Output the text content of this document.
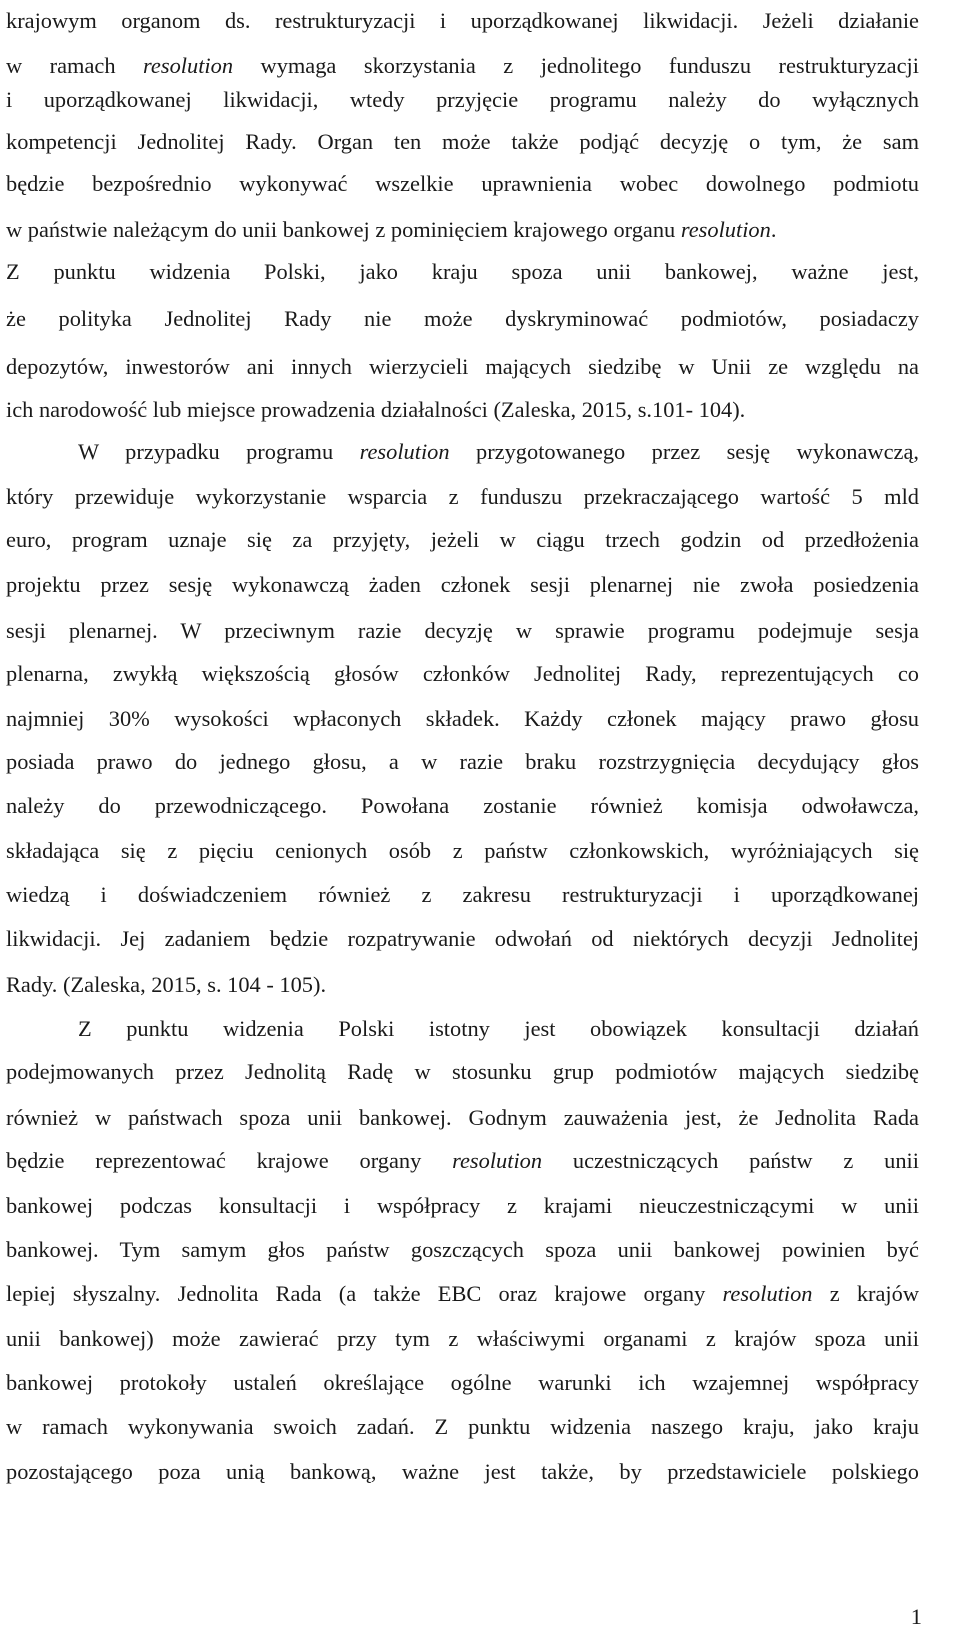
krajowym organom ds. restrukturyzacji i uporządkowanej likwidacji. Jeżeli działanie
w ramach resolution wymaga skorzystania z jednolitego funduszu restrukturyzacji
i uporządkowanej likwidacji, wtedy przyjęcie programu należy do wyłącznych
kompetencji Jednolitej Rady. Organ ten może także podjąć decyzję o tym, że sam
będzie bezpośrednio wykonywać wszelkie uprawnienia wobec dowolnego podmiotu
w państwie należącym do unii bankowej z pominięciem krajowego organu resolution.
Z punktu widzenia Polski, jako kraju spoza unii bankowej, ważne jest,
że polityka Jednolitej Rady nie może dyskryminować podmiotów, posiadaczy
depozytów, inwestorów ani innych wierzycieli mających siedzibę w Unii ze względu na
ich narodowość lub miejsce prowadzenia działalności (Zaleska, 2015, s.101- 104).
W przypadku programu resolution przygotowanego przez sesję wykonawczą,
który przewiduje wykorzystanie wsparcia z funduszu przekraczającego wartość 5 mld
euro, program uznaje się za przyjęty, jeżeli w ciągu trzech godzin od przedłożenia
projektu przez sesję wykonawczą żaden członek sesji plenarnej nie zwoła posiedzenia
sesji plenarnej. W przeciwnym razie decyzję w sprawie programu podejmuje sesja
plenarna, zwykłą większością głosów członków Jednolitej Rady, reprezentujących co
najmniej 30% wysokości wpłaconych składek. Każdy członek mający prawo głosu
posiada prawo do jednego głosu, a w razie braku rozstrzygnięcia decydujący głos
należy do przewodniczącego. Powołana zostanie również komisja odwoławcza,
składająca się z pięciu cenionych osób z państw członkowskich, wyróżniających się
wiedzą i doświadczeniem również z zakresu restrukturyzacji i uporządkowanej
likwidacji. Jej zadaniem będzie rozpatrywanie odwołań od niektórych decyzji Jednolitej
Rady. (Zaleska, 2015, s. 104 - 105).
Z punktu widzenia Polski istotny jest obowiązek konsultacji działań
podejmowanych przez Jednolitą Radę w stosunku grup podmiotów mających siedzibę
również w państwach spoza unii bankowej. Godnym zauważenia jest, że Jednolita Rada
będzie reprezentować krajowe organy resolution uczestniczących państw z unii
bankowej podczas konsultacji i współpracy z krajami nieuczestniczącymi w unii
bankowej. Tym samym głos państw goszczących spoza unii bankowej powinien być
lepiej słyszalny. Jednolita Rada (a także EBC oraz krajowe organy resolution z krajów
unii bankowej) może zawierać przy tym z właściwymi organami z krajów spoza unii
bankowej protokoły ustaleń określające ogólne warunki ich wzajemnej współpracy
w ramach wykonywania swoich zadań. Z punktu widzenia naszego kraju, jako kraju
pozostającego poza unią bankową, ważne jest także, by przedstawiciele polskiego
1
